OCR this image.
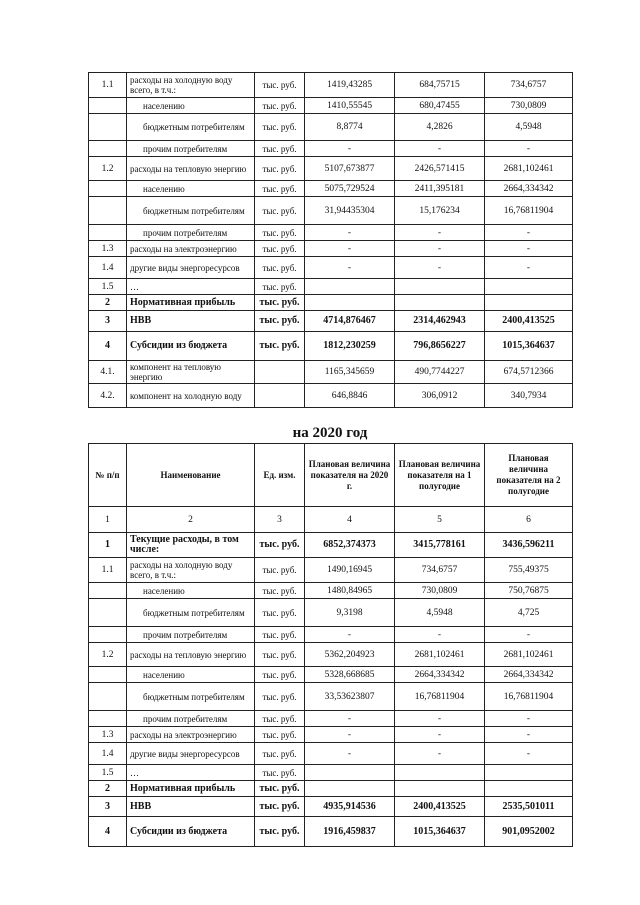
1.1	расходы на холодную воду всего, в т.ч.:	тыс. руб.	1419,43285	684,75715	734,6757
	населению	тыс. руб.	1410,55545	680,47455	730,0809
	бюджетным потребителям	тыс. руб.	8,8774	4,2826	4,5948
	прочим потребителям	тыс. руб.	-	-	-
1.2	расходы на тепловую энергию	тыс. руб.	5107,673877	2426,571415	2681,102461
	населению	тыс. руб.	5075,729524	2411,395181	2664,334342
	бюджетным потребителям	тыс. руб.	31,94435304	15,176234	16,76811904
	прочим потребителям	тыс. руб.	-	-	-
1.3	расходы на электроэнергию	тыс. руб.	-	-	-
1.4	другие виды энергоресурсов	тыс. руб.	-	-	-
1.5	…	тыс. руб.			
2	Нормативная прибыль	тыс. руб.			
3	НВВ	тыс. руб.	4714,876467	2314,462943	2400,413525
4	Субсидии из бюджета	тыс. руб.	1812,230259	796,8656227	1015,364637
4.1.	компонент на тепловую энергию		1165,345659	490,7744227	674,5712366
4.2.	компонент на холодную воду		646,8846	306,0912	340,7934
на 2020 год
№ п/п	Наименование	Ед. изм.	Плановая величина показателя на 2020 г.	Плановая величина показателя на 1 полугодие	Плановая величина показателя на 2 полугодие
1	2	3	4	5	6
1	Текущие расходы, в том числе:	тыс. руб.	6852,374373	3415,778161	3436,596211
1.1	расходы на холодную воду всего, в т.ч.:	тыс. руб.	1490,16945	734,6757	755,49375
	населению	тыс. руб.	1480,84965	730,0809	750,76875
	бюджетным потребителям	тыс. руб.	9,3198	4,5948	4,725
	прочим потребителям	тыс. руб.	-	-	-
1.2	расходы на тепловую энергию	тыс. руб.	5362,204923	2681,102461	2681,102461
	населению	тыс. руб.	5328,668685	2664,334342	2664,334342
	бюджетным потребителям	тыс. руб.	33,53623807	16,76811904	16,76811904
	прочим потребителям	тыс. руб.	-	-	-
1.3	расходы на электроэнергию	тыс. руб.	-	-	-
1.4	другие виды энергоресурсов	тыс. руб.	-	-	-
1.5	…	тыс. руб.			
2	Нормативная прибыль	тыс. руб.			
3	НВВ	тыс. руб.	4935,914536	2400,413525	2535,501011
4	Субсидии из бюджета	тыс. руб.	1916,459837	1015,364637	901,0952002
